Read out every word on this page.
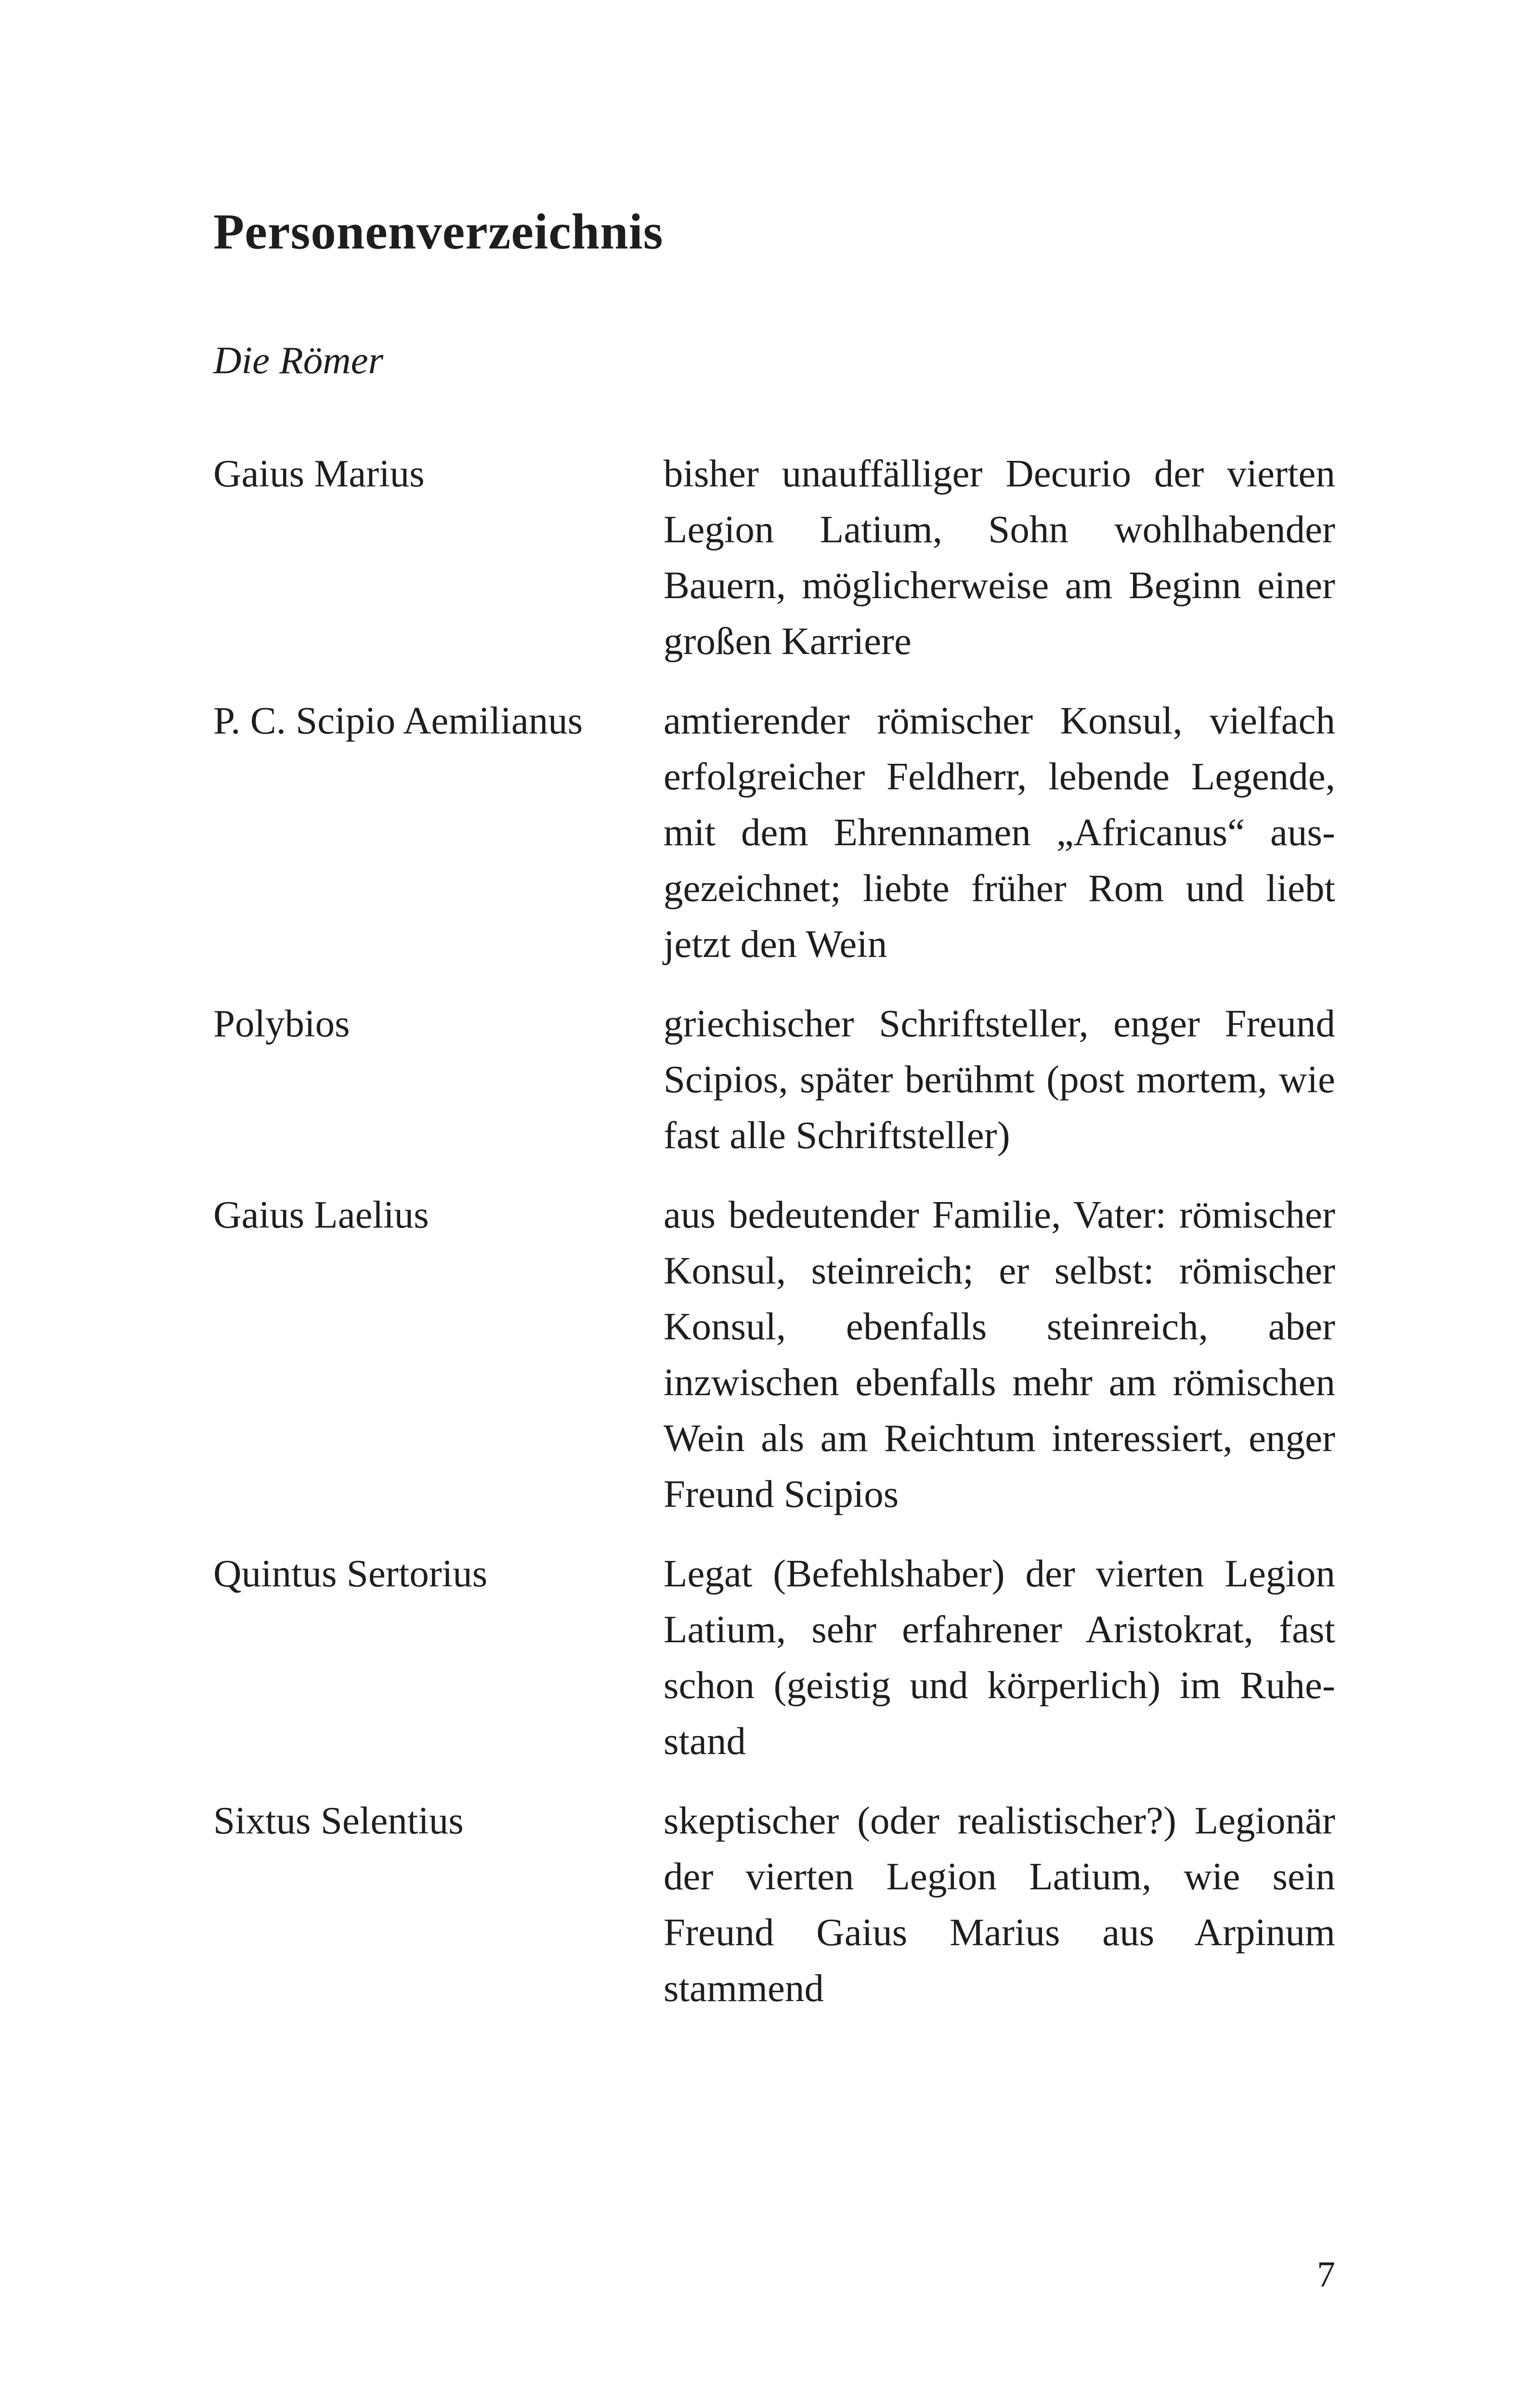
Personenverzeichnis
Die Römer
Gaius Marius	bisher unauffälliger Decurio der vierten Legion Latium, Sohn wohlhabender Bauern, möglicherweise am Beginn einer großen Karriere
P. C. Scipio Aemilianus	amtierender römischer Konsul, vielfach erfolgreicher Feldherr, lebende Legende, mit dem Ehrennamen „Africanus“ ausgezeichnet; liebte früher Rom und liebt jetzt den Wein
Polybios	griechischer Schriftsteller, enger Freund Scipios, später berühmt (post mortem, wie fast alle Schriftsteller)
Gaius Laelius	aus bedeutender Familie, Vater: römischer Konsul, steinreich; er selbst: römischer Konsul, ebenfalls steinreich, aber inzwischen ebenfalls mehr am römischen Wein als am Reichtum interessiert, enger Freund Scipios
Quintus Sertorius	Legat (Befehlshaber) der vierten Legion Latium, sehr erfahrener Aristokrat, fast schon (geistig und körperlich) im Ruhestand
Sixtus Selentius	skeptischer (oder realistischer?) Legionär der vierten Legion Latium, wie sein Freund Gaius Marius aus Arpinum stammend
7
